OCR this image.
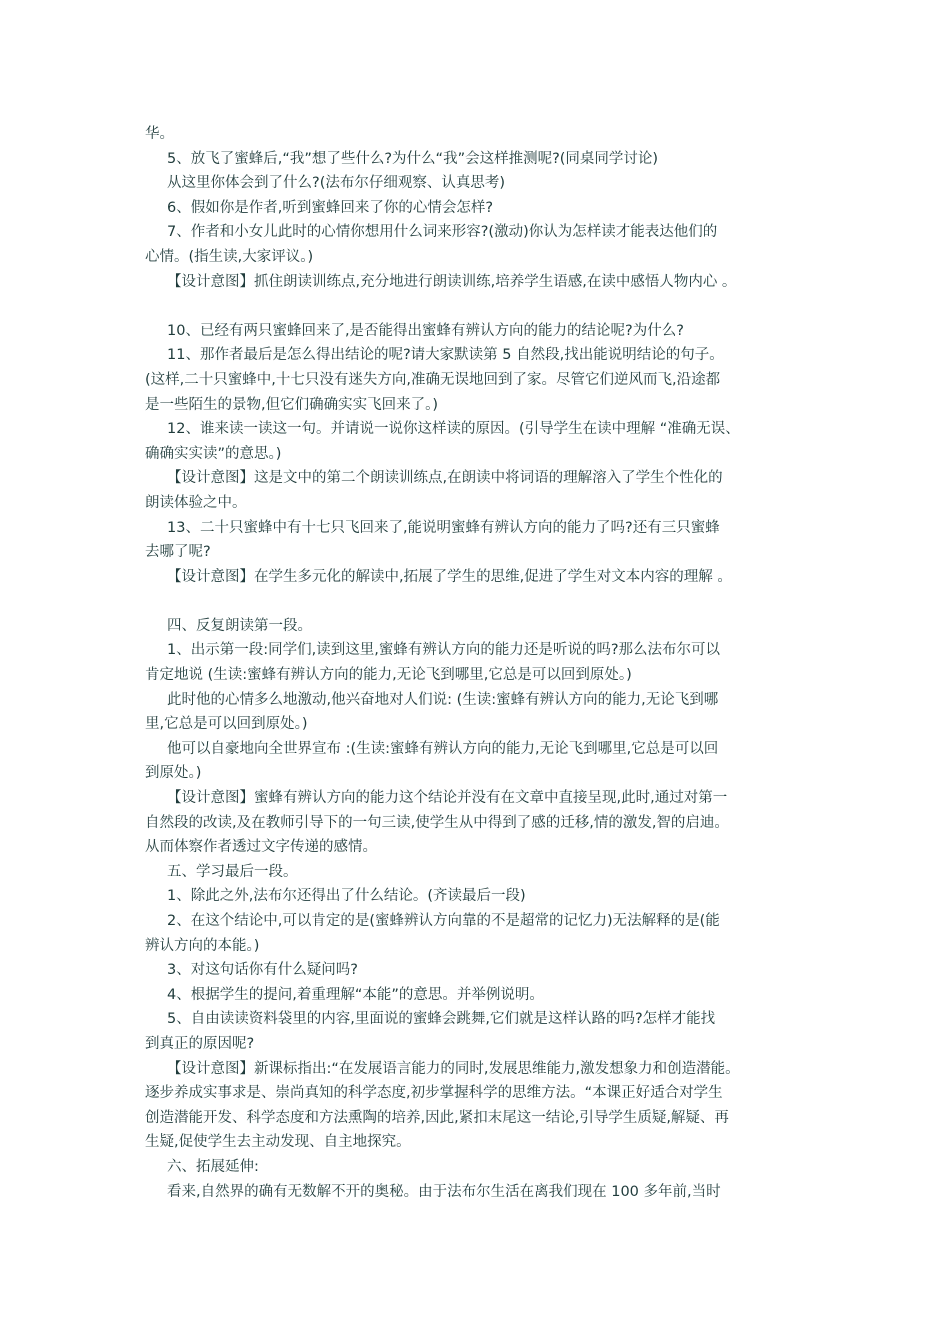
华。
5、放飞了蜜蜂后,“我”想了些什么?为什么“我”会这样推测呢?(同桌同学讨论)
从这里你体会到了什么?(法布尔仔细观察、认真思考)
6、假如你是作者,听到蜜蜂回来了你的心情会怎样?
7、作者和小女儿此时的心情你想用什么词来形容?(激动)你认为怎样读才能表达他们的
心情。(指生读,大家评议。)
【设计意图】抓住朗读训练点,充分地进行朗读训练,培养学生语感,在读中感悟人物内心 。
10、已经有两只蜜蜂回来了,是否能得出蜜蜂有辨认方向的能力的结论呢?为什么?
11、那作者最后是怎么得出结论的呢?请大家默读第 5 自然段,找出能说明结论的句子。
(这样,二十只蜜蜂中,十七只没有迷失方向,准确无误地回到了家。尽管它们逆风而飞,沿途都
是一些陌生的景物,但它们确确实实飞回来了。)
12、谁来读一读这一句。并请说一说你这样读的原因。(引导学生在读中理解 “准确无误、
确确实实读”的意思。)
【设计意图】这是文中的第二个朗读训练点,在朗读中将词语的理解溶入了学生个性化的
朗读体验之中。
13、二十只蜜蜂中有十七只飞回来了,能说明蜜蜂有辨认方向的能力了吗?还有三只蜜蜂
去哪了呢?
【设计意图】在学生多元化的解读中,拓展了学生的思维,促进了学生对文本内容的理解 。
四、反复朗读第一段。
1、出示第一段:同学们,读到这里,蜜蜂有辨认方向的能力还是听说的吗?那么法布尔可以
肯定地说 (生读:蜜蜂有辨认方向的能力,无论飞到哪里,它总是可以回到原处。)
此时他的心情多么地激动,他兴奋地对人们说: (生读:蜜蜂有辨认方向的能力,无论飞到哪
里,它总是可以回到原处。)
他可以自豪地向全世界宣布 :(生读:蜜蜂有辨认方向的能力,无论飞到哪里,它总是可以回
到原处。)
【设计意图】蜜蜂有辨认方向的能力这个结论并没有在文章中直接呈现,此时,通过对第一
自然段的改读,及在教师引导下的一句三读,使学生从中得到了感的迁移,情的激发,智的启迪。
从而体察作者透过文字传递的感情。
五、学习最后一段。
1、除此之外,法布尔还得出了什么结论。(齐读最后一段)
2、在这个结论中,可以肯定的是(蜜蜂辨认方向靠的不是超常的记忆力)无法解释的是(能
辨认方向的本能。)
3、对这句话你有什么疑问吗?
4、根据学生的提问,着重理解“本能”的意思。并举例说明。
5、自由读读资料袋里的内容,里面说的蜜蜂会跳舞,它们就是这样认路的吗?怎样才能找
到真正的原因呢?
【设计意图】新课标指出:“在发展语言能力的同时,发展思维能力,激发想象力和创造潜能。
逐步养成实事求是、崇尚真知的科学态度,初步掌握科学的思维方法。“本课正好适合对学生
创造潜能开发、科学态度和方法熏陶的培养,因此,紧扣末尾这一结论,引导学生质疑,解疑、再
生疑,促使学生去主动发现、自主地探究。
六、拓展延伸:
看来,自然界的确有无数解不开的奥秘。由于法布尔生活在离我们现在 100 多年前,当时
